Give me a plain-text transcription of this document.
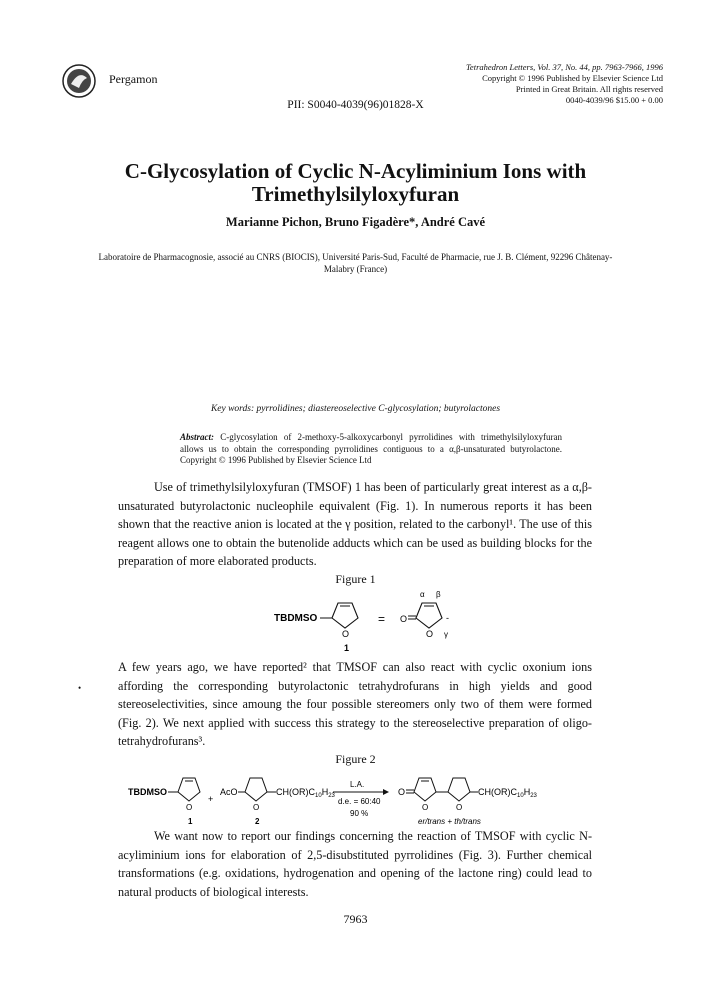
Pergamon
Tetrahedron Letters, Vol. 37, No. 44, pp. 7963-7966, 1996
Copyright © 1996 Published by Elsevier Science Ltd
Printed in Great Britain. All rights reserved
0040-4039/96 $15.00 + 0.00
PII: S0040-4039(96)01828-X
C-Glycosylation of Cyclic N-Acyliminium Ions with Trimethylsilyloxyfuran
Marianne Pichon, Bruno Figadère*, André Cavé
Laboratoire de Pharmacognosie, associé au CNRS (BIOCIS), Université Paris-Sud, Faculté de Pharmacie, rue J. B. Clément, 92296 Châtenay-Malabry (France)
Key words: pyrrolidines; diastereoselective C-glycosylation; butyrolactones
Abstract: C-glycosylation of 2-methoxy-5-alkoxycarbonyl pyrrolidines with trimethylsilyloxyfuran allows us to obtain the corresponding pyrrolidines contiguous to a α,β-unsaturated butyrolactone. Copyright © 1996 Published by Elsevier Science Ltd

Use of trimethylsilyloxyfuran (TMSOF) 1 has been of particularly great interest as a α,β-unsaturated butyrolactonic nucleophile equivalent (Fig. 1). In numerous reports it has been shown that the reactive anion is located at the γ position, related to the carbonyl¹. The use of this reagent allows one to obtain the butenolide adducts which can be used as building blocks for the preparation of more elaborated products.

Figure 1
TBDMSO
O
1
= O
α β
O
-
γ
•

A few years ago, we have reported² that TMSOF can also react with cyclic oxonium ions affording the corresponding butyrolactonic tetrahydrofurans in high yields and good stereoselectivities, since amoung the four possible stereomers only two of them were formed (Fig. 2). We next applied with success this strategy to the stereoselective preparation of oligo-tetrahydrofurans³.

Figure 2
TBDMSO
O
1
+
AcO
O
2
$CH(OR)C_{10}H_{23}$
L.A.
d.e. = 60:40
90 %
O
O	O
$CH(OR)C_{10}H_{23}$
er/trans + th/trans

We want now to report our findings concerning the reaction of TMSOF with cyclic N-acyliminium ions for elaboration of 2,5-disubstituted pyrrolidines (Fig. 3). Further chemical transformations (e.g. oxidations, hydrogenation and opening of the lactone ring) could lead to natural products of biological interests.

7963
